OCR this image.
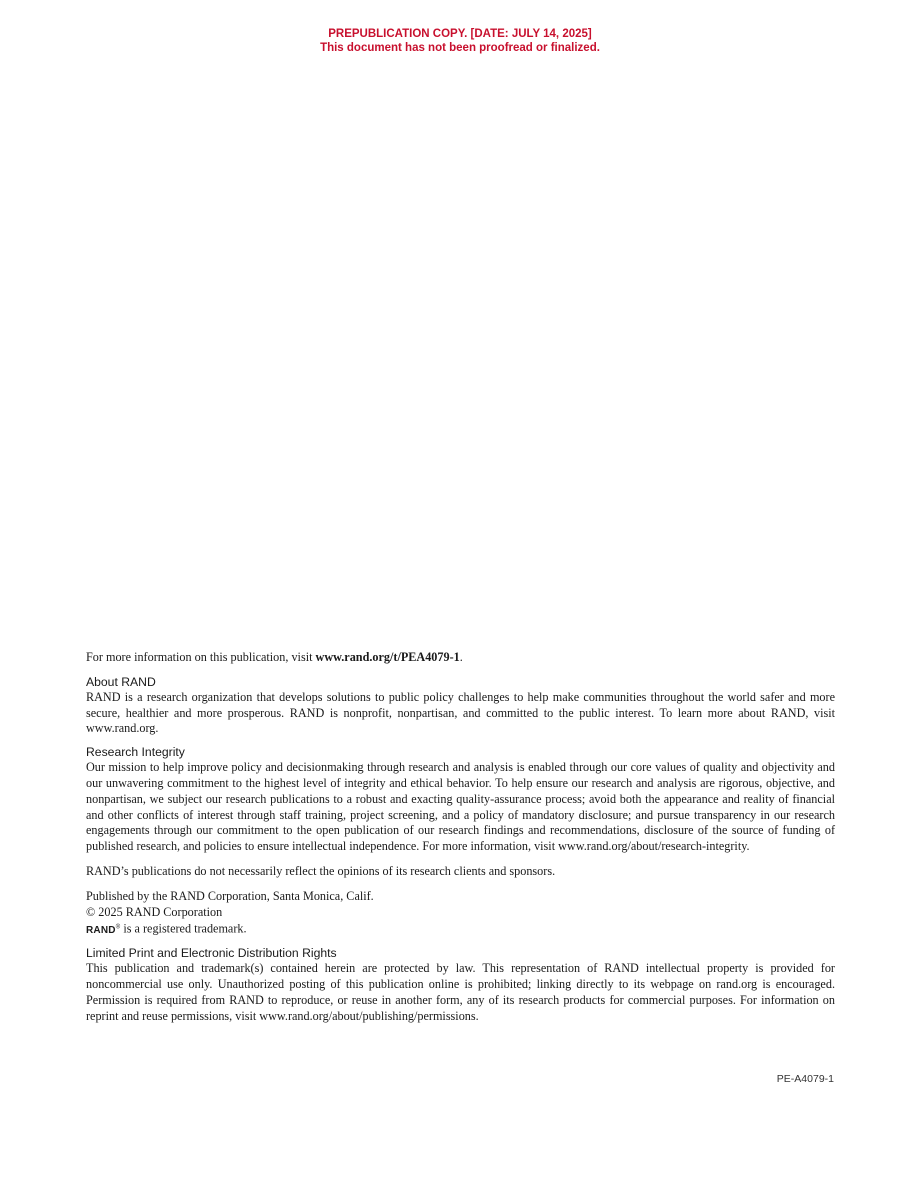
PREPUBLICATION COPY. [DATE: JULY 14, 2025]
This document has not been proofread or finalized.

For more information on this publication, visit www.rand.org/t/PEA4079-1.

About RAND

RAND is a research organization that develops solutions to public policy challenges to help make communities throughout the world safer and more secure, healthier and more prosperous. RAND is nonprofit, nonpartisan, and committed to the public interest. To learn more about RAND, visit www.rand.org.

Research Integrity

Our mission to help improve policy and decisionmaking through research and analysis is enabled through our core values of quality and objectivity and our unwavering commitment to the highest level of integrity and ethical behavior. To help ensure our research and analysis are rigorous, objective, and nonpartisan, we subject our research publications to a robust and exacting quality-assurance process; avoid both the appearance and reality of financial and other conflicts of interest through staff training, project screening, and a policy of mandatory disclosure; and pursue transparency in our research engagements through our commitment to the open publication of our research findings and recommendations, disclosure of the source of funding of published research, and policies to ensure intellectual independence. For more information, visit www.rand.org/about/research-integrity.

RAND’s publications do not necessarily reflect the opinions of its research clients and sponsors.

Published by the RAND Corporation, Santa Monica, Calif.
© 2025 RAND Corporation
RAND® is a registered trademark.
Limited Print and Electronic Distribution Rights

This publication and trademark(s) contained herein are protected by law. This representation of RAND intellectual property is provided for noncommercial use only. Unauthorized posting of this publication online is prohibited; linking directly to its webpage on rand.org is encouraged. Permission is required from RAND to reproduce, or reuse in another form, any of its research products for commercial purposes. For information on reprint and reuse permissions, visit www.rand.org/about/publishing/permissions.

PE-A4079-1
